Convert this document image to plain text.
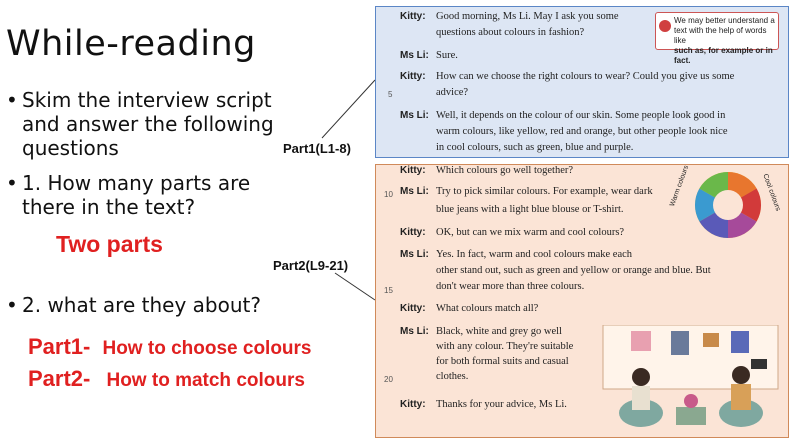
While-reading
• Skim the interview script
and answer the following
questions
• 1. How many parts are
there in the text?
Two parts
• 2. what are they about?
Part1- How to choose colours
Part2- How to match colours
Part1(L1-8)
Part2(L9-21)
We may better understand a
text with the help of words like
such as, for example or in fact.
Kitty: Good morning, Ms Li. May I ask you some
questions about colours in fashion?
Ms Li: Sure.
Kitty: How can we choose the right colours to wear? Could you give us some
advice?
5
Ms Li: Well, it depends on the colour of our skin. Some people look good in
warm colours, like yellow, red and orange, but other people look nice
in cool colours, such as green, blue and purple.
Warm colours	Cool colours
Kitty: Which colours go well together?
Ms Li:
10	Try to pick similar colours. For example, wear dark
blue jeans with a light blue blouse or T-shirt.
Kitty: OK, but can we mix warm and cool colours?
Ms Li: Yes. In fact, warm and cool colours make each
other stand out, such as green and yellow or orange and blue. But
don't wear more than three colours.
15
Kitty: What colours match all?
Ms Li: Black, white and grey go well
with any colour. They're suitable
for both formal suits and casual
clothes.
20
Kitty: Thanks for your advice, Ms Li.
